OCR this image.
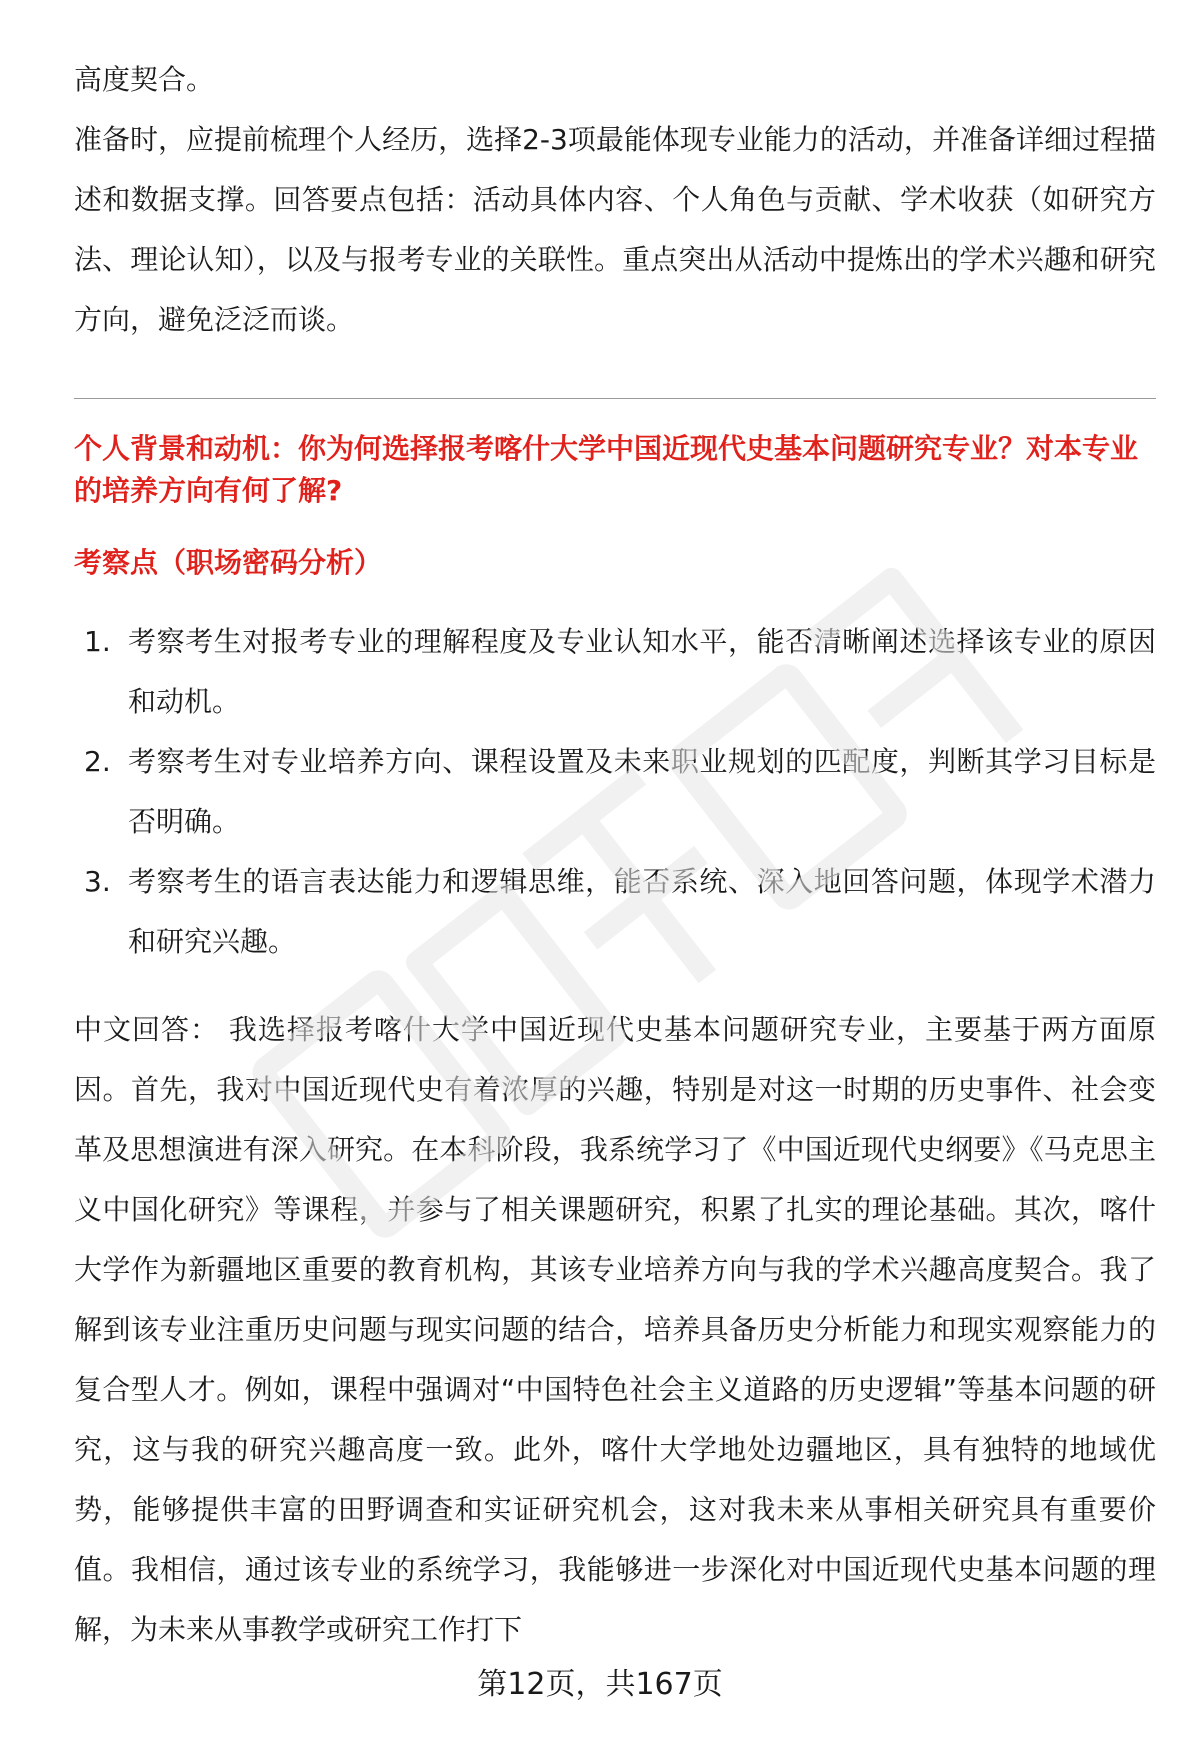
高度契合。

准备时，应提前梳理个人经历，选择2-3项最能体现专业能力的活动，并准备详细过程描述和数据支撑。回答要点包括：活动具体内容、个人角色与贡献、学术收获（如研究方法、理论认知），以及与报考专业的关联性。重点突出从活动中提炼出的学术兴趣和研究方向，避免泛泛而谈。

个人背景和动机：你为何选择报考喀什大学中国近现代史基本问题研究专业？对本专业的培养方向有何了解?

考察点（职场密码分析）

1. 考察考生对报考专业的理解程度及专业认知水平，能否清晰阐述选择该专业的原因和动机。
2. 考察考生对专业培养方向、课程设置及未来职业规划的匹配度，判断其学习目标是否明确。
3. 考察考生的语言表达能力和逻辑思维，能否系统、深入地回答问题，体现学术潜力和研究兴趣。

中文回答： 我选择报考喀什大学中国近现代史基本问题研究专业，主要基于两方面原因。首先，我对中国近现代史有着浓厚的兴趣，特别是对这一时期的历史事件、社会变革及思想演进有深入研究。在本科阶段，我系统学习了《中国近现代史纲要》《马克思主义中国化研究》等课程，并参与了相关课题研究，积累了扎实的理论基础。其次，喀什大学作为新疆地区重要的教育机构，其该专业培养方向与我的学术兴趣高度契合。我了解到该专业注重历史问题与现实问题的结合，培养具备历史分析能力和现实观察能力的复合型人才。例如，课程中强调对“中国特色社会主义道路的历史逻辑”等基本问题的研究，这与我的研究兴趣高度一致。此外，喀什大学地处边疆地区，具有独特的地域优势，能够提供丰富的田野调查和实证研究机会，这对我未来从事相关研究具有重要价值。我相信，通过该专业的系统学习，我能够进一步深化对中国近现代史基本问题的理解，为未来从事教学或研究工作打下

第12页，共167页
